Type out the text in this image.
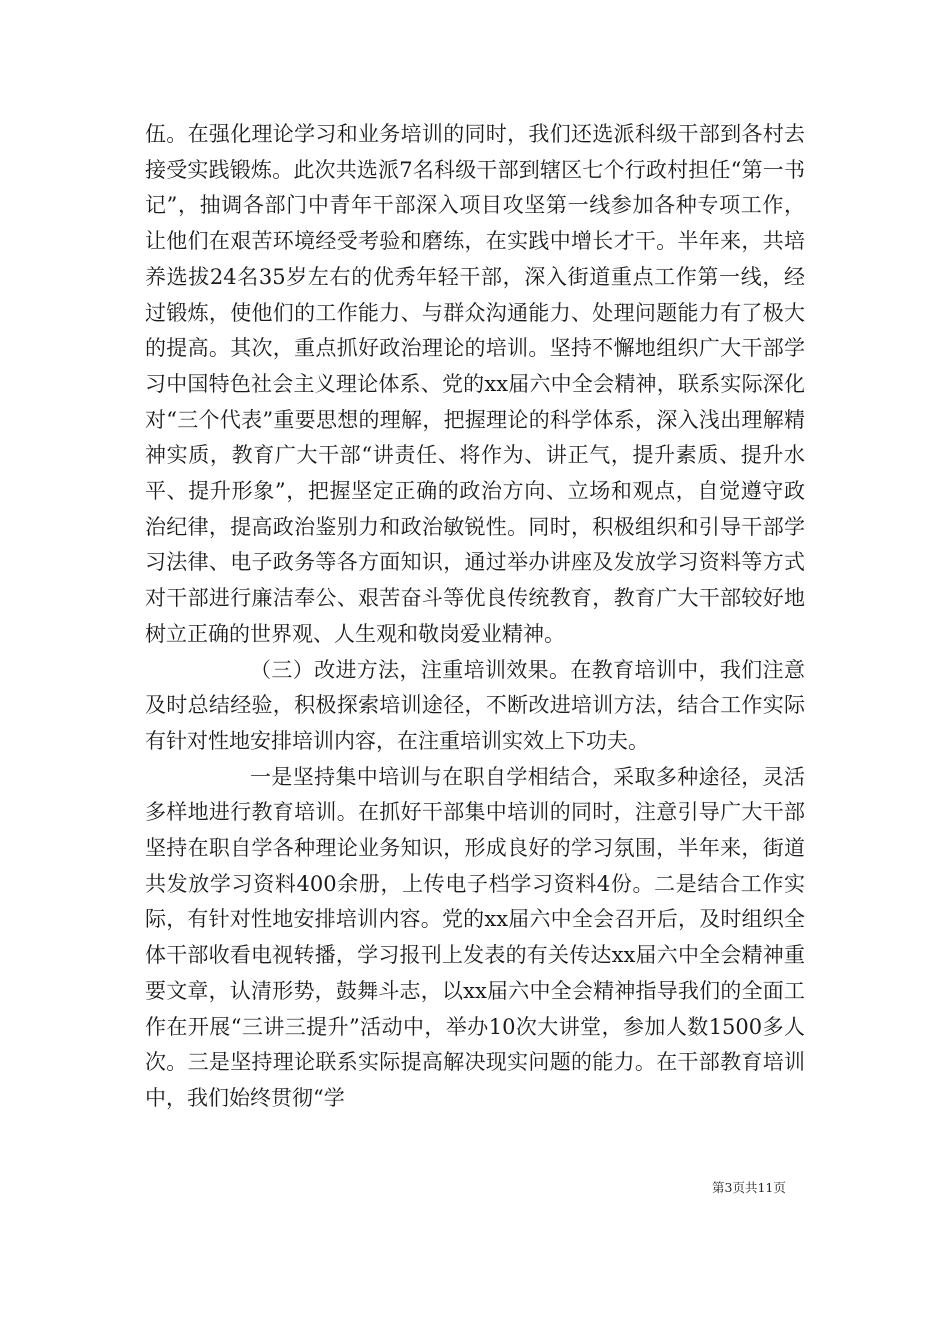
伍。在强化理论学习和业务培训的同时，我们还选派科级干部到各村去接受实践锻炼。此次共选派7名科级干部到辖区七个行政村担任“第一书记”，抽调各部门中青年干部深入项目攻坚第一线参加各种专项工作，让他们在艰苦环境经受考验和磨练，在实践中增长才干。半年来，共培养选拔24名35岁左右的优秀年轻干部，深入街道重点工作第一线，经过锻炼，使他们的工作能力、与群众沟通能力、处理问题能力有了极大的提高。其次，重点抓好政治理论的培训。坚持不懈地组织广大干部学习中国特色社会主义理论体系、党的xx届六中全会精神，联系实际深化对“三个代表”重要思想的理解，把握理论的科学体系，深入浅出理解精神实质，教育广大干部“讲责任、将作为、讲正气，提升素质、提升水平、提升形象”，把握坚定正确的政治方向、立场和观点，自觉遵守政治纪律，提高政治鉴别力和政治敏锐性。同时，积极组织和引导干部学习法律、电子政务等各方面知识，通过举办讲座及发放学习资料等方式对干部进行廉洁奉公、艰苦奋斗等优良传统教育，教育广大干部较好地树立正确的世界观、人生观和敬岗爱业精神。

（三）改进方法，注重培训效果。在教育培训中，我们注意及时总结经验，积极探索培训途径，不断改进培训方法，结合工作实际有针对性地安排培训内容，在注重培训实效上下功夫。

一是坚持集中培训与在职自学相结合，采取多种途径，灵活多样地进行教育培训。在抓好干部集中培训的同时，注意引导广大干部坚持在职自学各种理论业务知识，形成良好的学习氛围，半年来，街道共发放学习资料400余册，上传电子档学习资料4份。二是结合工作实际，有针对性地安排培训内容。党的xx届六中全会召开后，及时组织全体干部收看电视转播，学习报刊上发表的有关传达xx届六中全会精神重要文章，认清形势，鼓舞斗志，以xx届六中全会精神指导我们的全面工作在开展“三讲三提升”活动中，举办10次大讲堂，参加人数1500多人次。三是坚持理论联系实际提高解决现实问题的能力。在干部教育培训中，我们始终贯彻“学

第3页共11页
